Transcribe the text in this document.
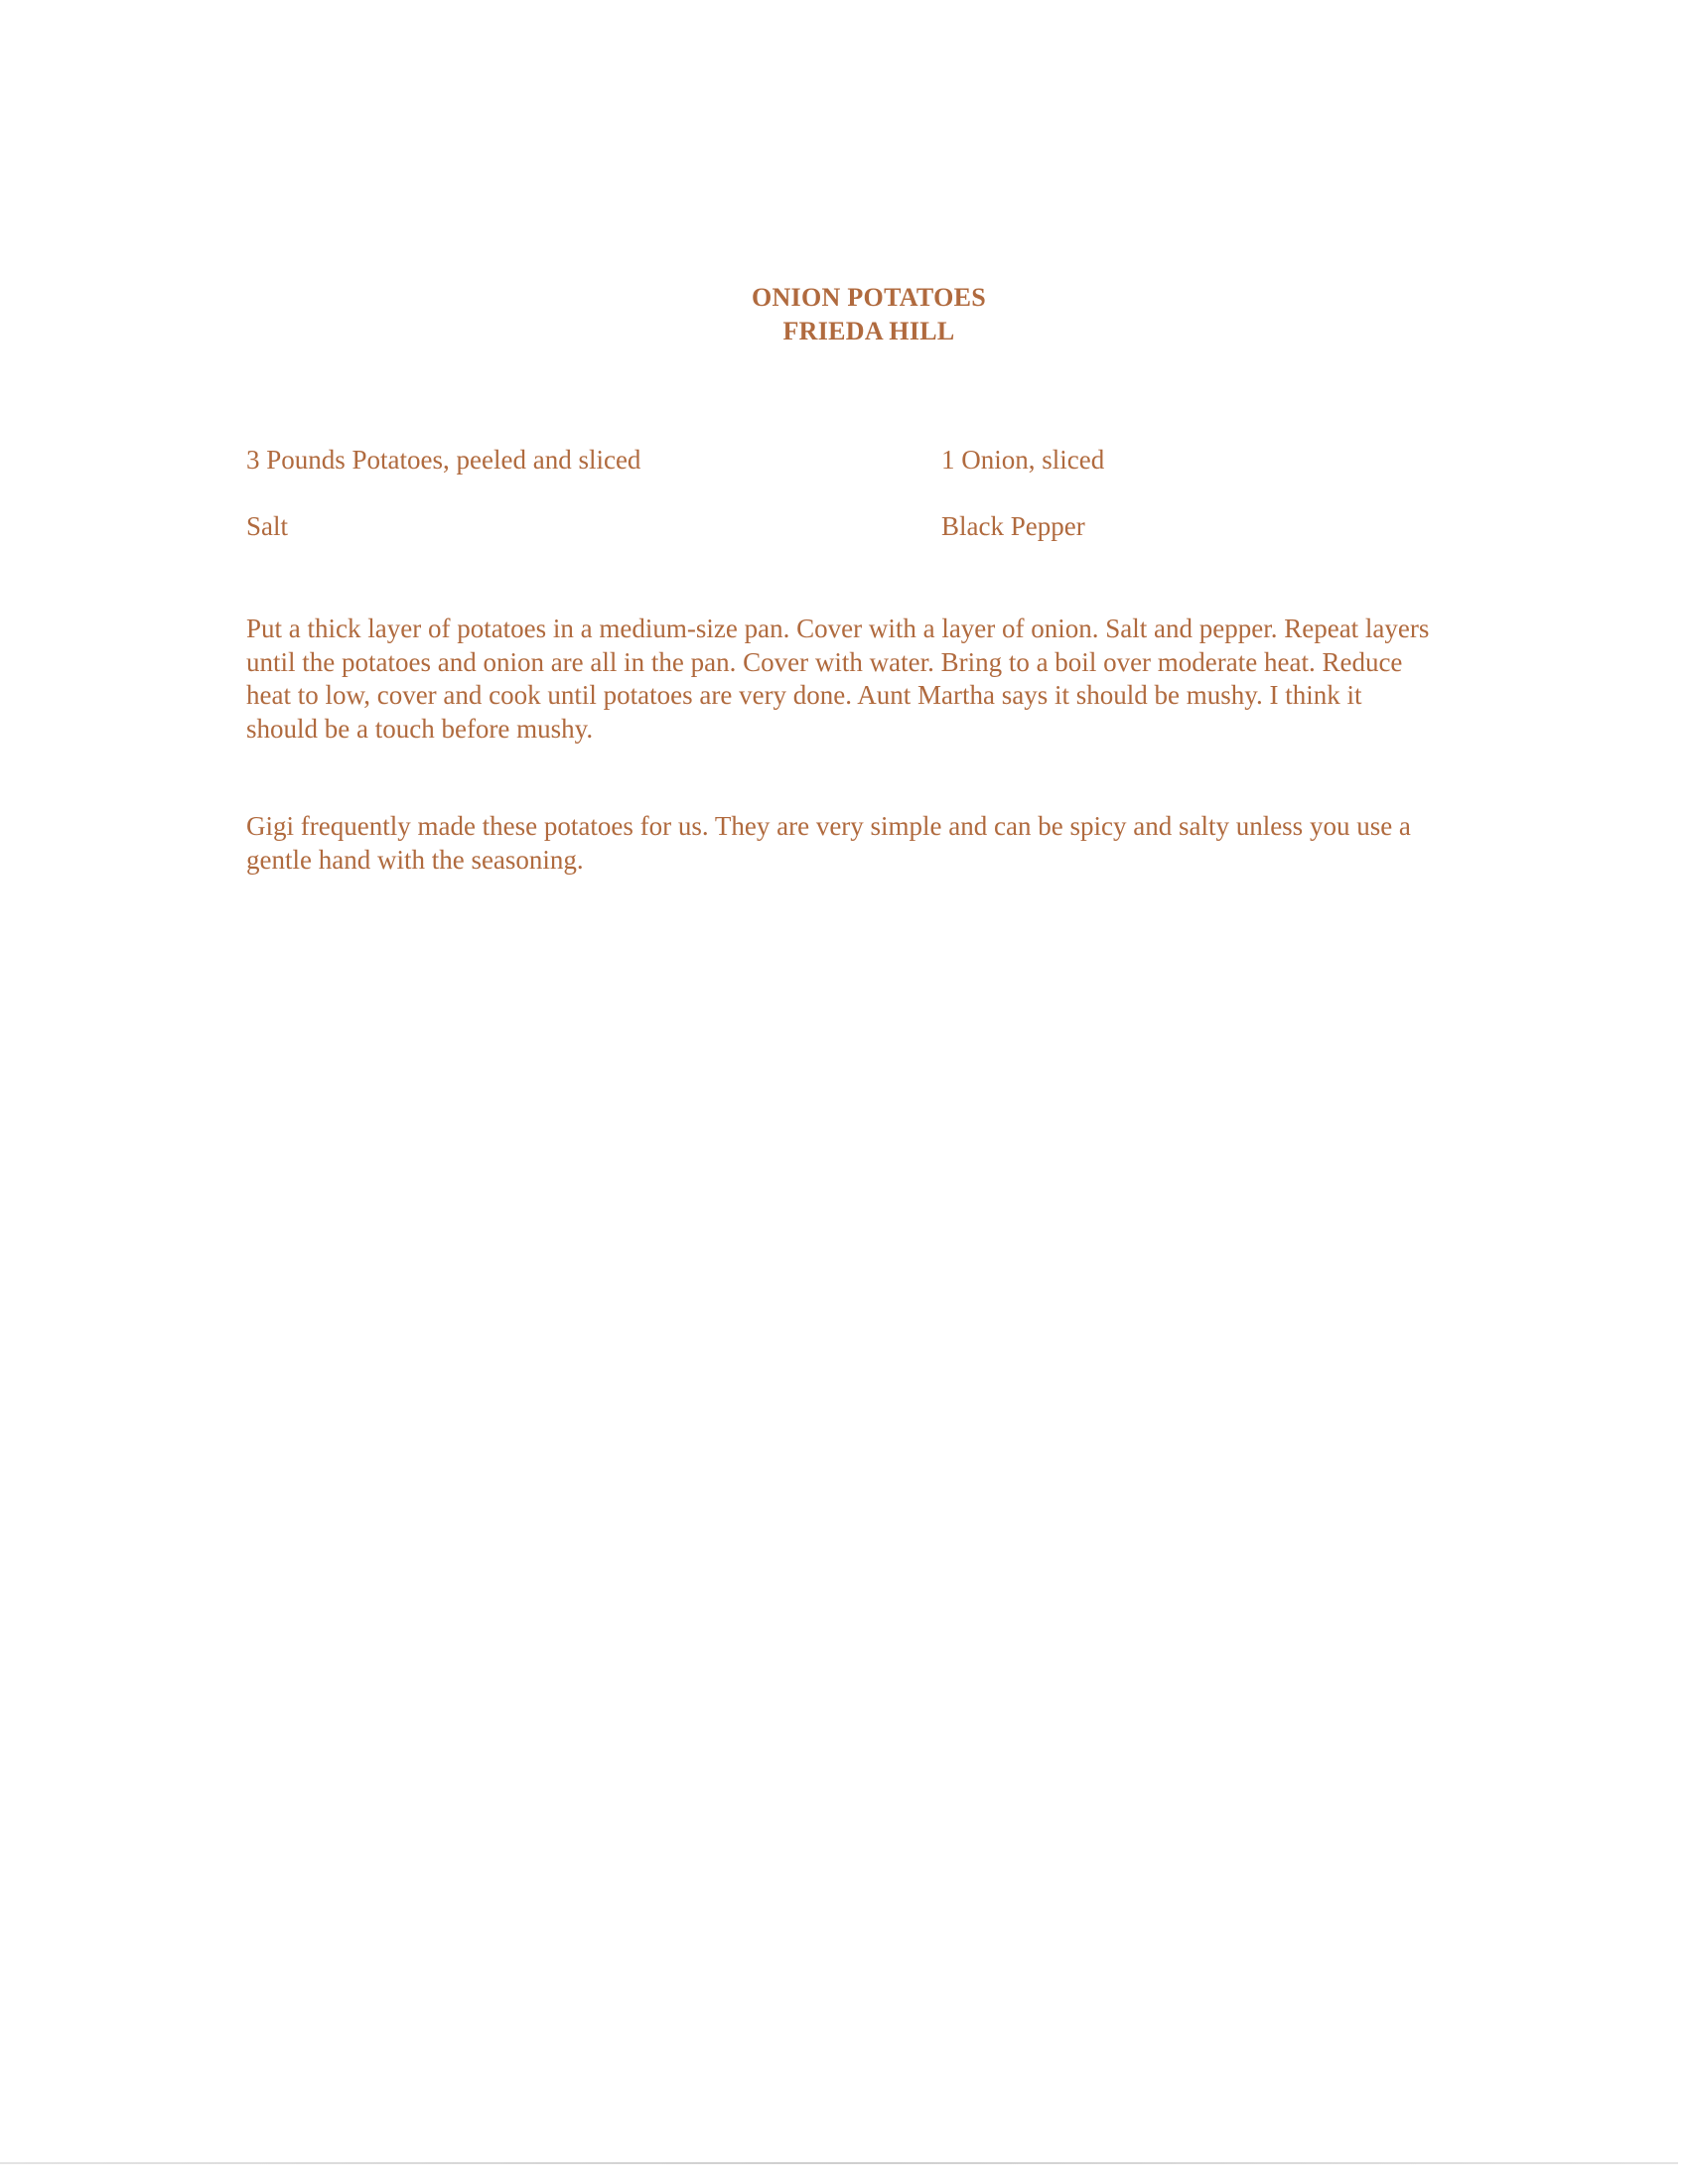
ONION POTATOES
FRIEDA HILL
3 Pounds Potatoes, peeled and sliced	1 Onion, sliced
Salt	Black Pepper

Put a thick layer of potatoes in a medium-size pan. Cover with a layer of onion. Salt and pepper. Repeat layers until the potatoes and onion are all in the pan. Cover with water. Bring to a boil over moderate heat. Reduce heat to low, cover and cook until potatoes are very done. Aunt Martha says it should be mushy. I think it should be a touch before mushy.

Gigi frequently made these potatoes for us. They are very simple and can be spicy and salty unless you use a gentle hand with the seasoning.
